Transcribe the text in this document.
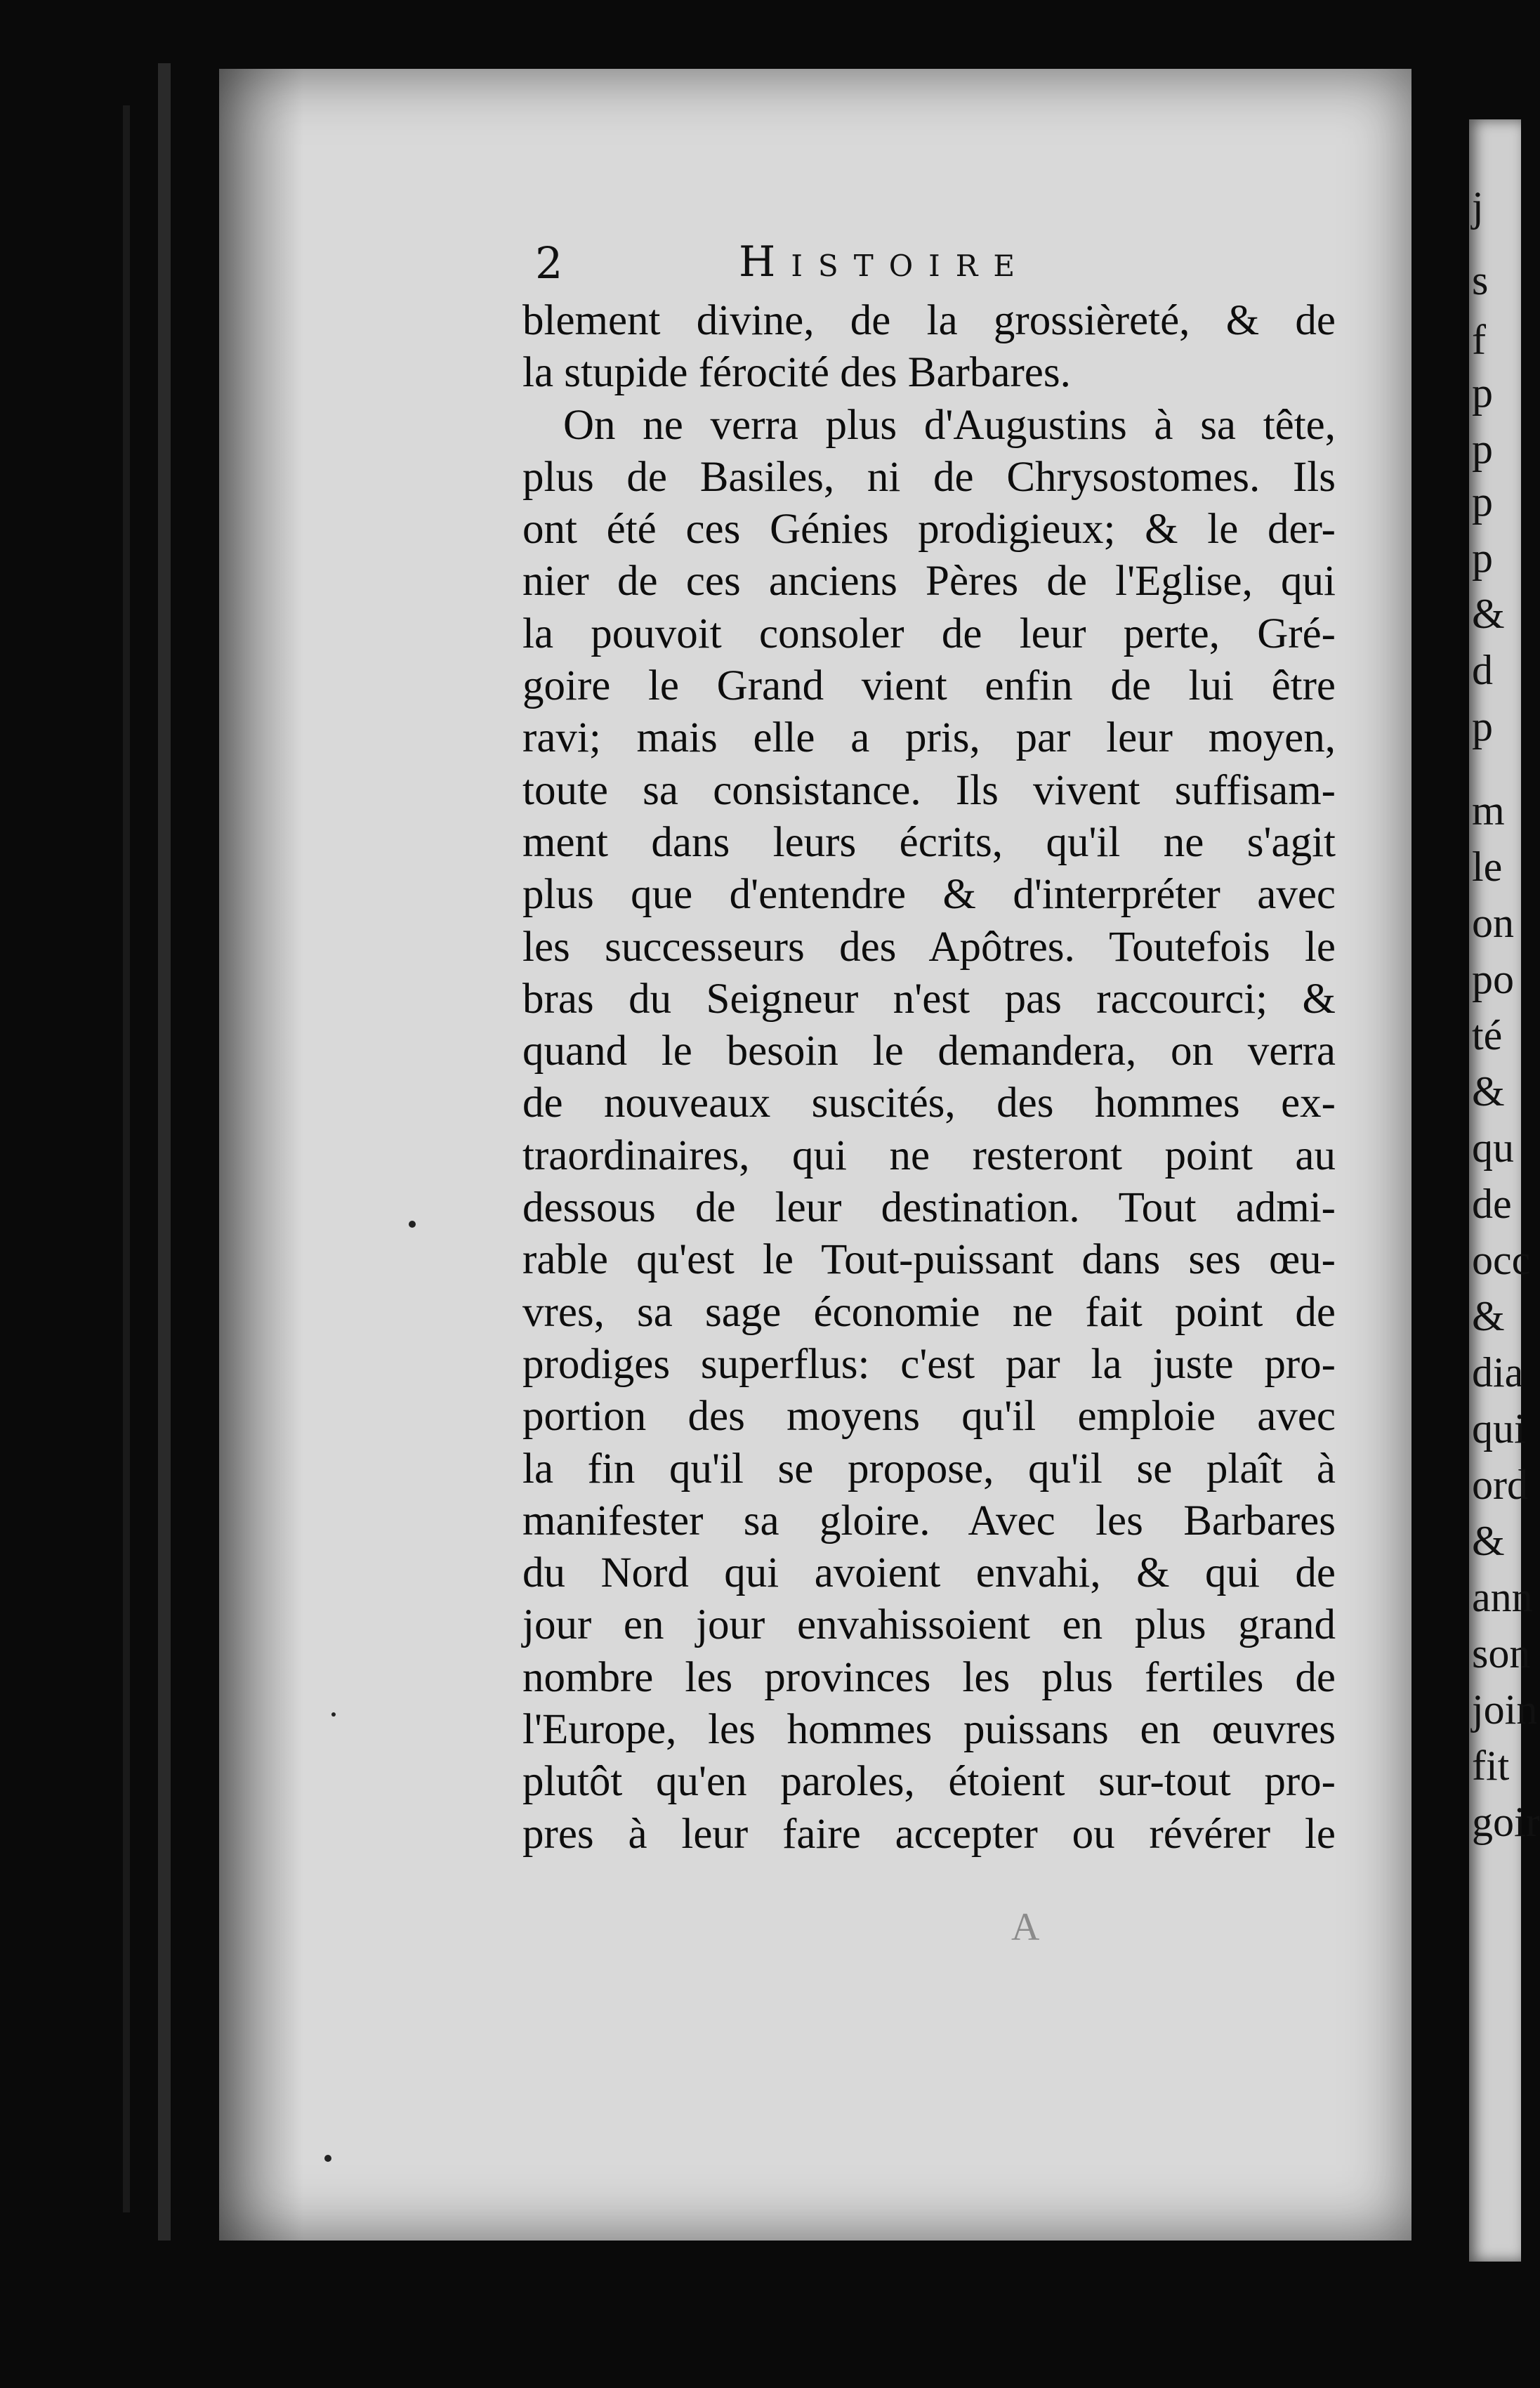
2	Histoire
blement divine, de la grossièreté, & de
la stupide férocité des Barbares.
On ne verra plus d'Augustins à sa tête,
plus de Basiles, ni de Chrysostomes. Ils
ont été ces Génies prodigieux; & le der-
nier de ces anciens Pères de l'Eglise, qui
la pouvoit consoler de leur perte, Gré-
goire le Grand vient enfin de lui être
ravi; mais elle a pris, par leur moyen,
toute sa consistance. Ils vivent suffisam-
ment dans leurs écrits, qu'il ne s'agit
plus que d'entendre & d'interpréter avec
les successeurs des Apôtres. Toutefois le
bras du Seigneur n'est pas raccourci; &
quand le besoin le demandera, on verra
de nouveaux suscités, des hommes ex-
traordinaires, qui ne resteront point au
dessous de leur destination. Tout admi-
rable qu'est le Tout-puissant dans ses œu-
vres, sa sage économie ne fait point de
prodiges superflus: c'est par la juste pro-
portion des moyens qu'il emploie avec
la fin qu'il se propose, qu'il se plaît à
manifester sa gloire. Avec les Barbares
du Nord qui avoient envahi, & qui de
jour en jour envahissoient en plus grand
nombre les provinces les plus fertiles de
l'Europe, les hommes puissans en œuvres
plutôt qu'en paroles, étoient sur-tout pro-
pres à leur faire accepter ou révérer le
A
j
s
f
p
p
p
p
&
d
p
m
le
on
po
té
&
qu
de
occ
&
dia
qui
ord
&
ann
son
join
fit
goir
